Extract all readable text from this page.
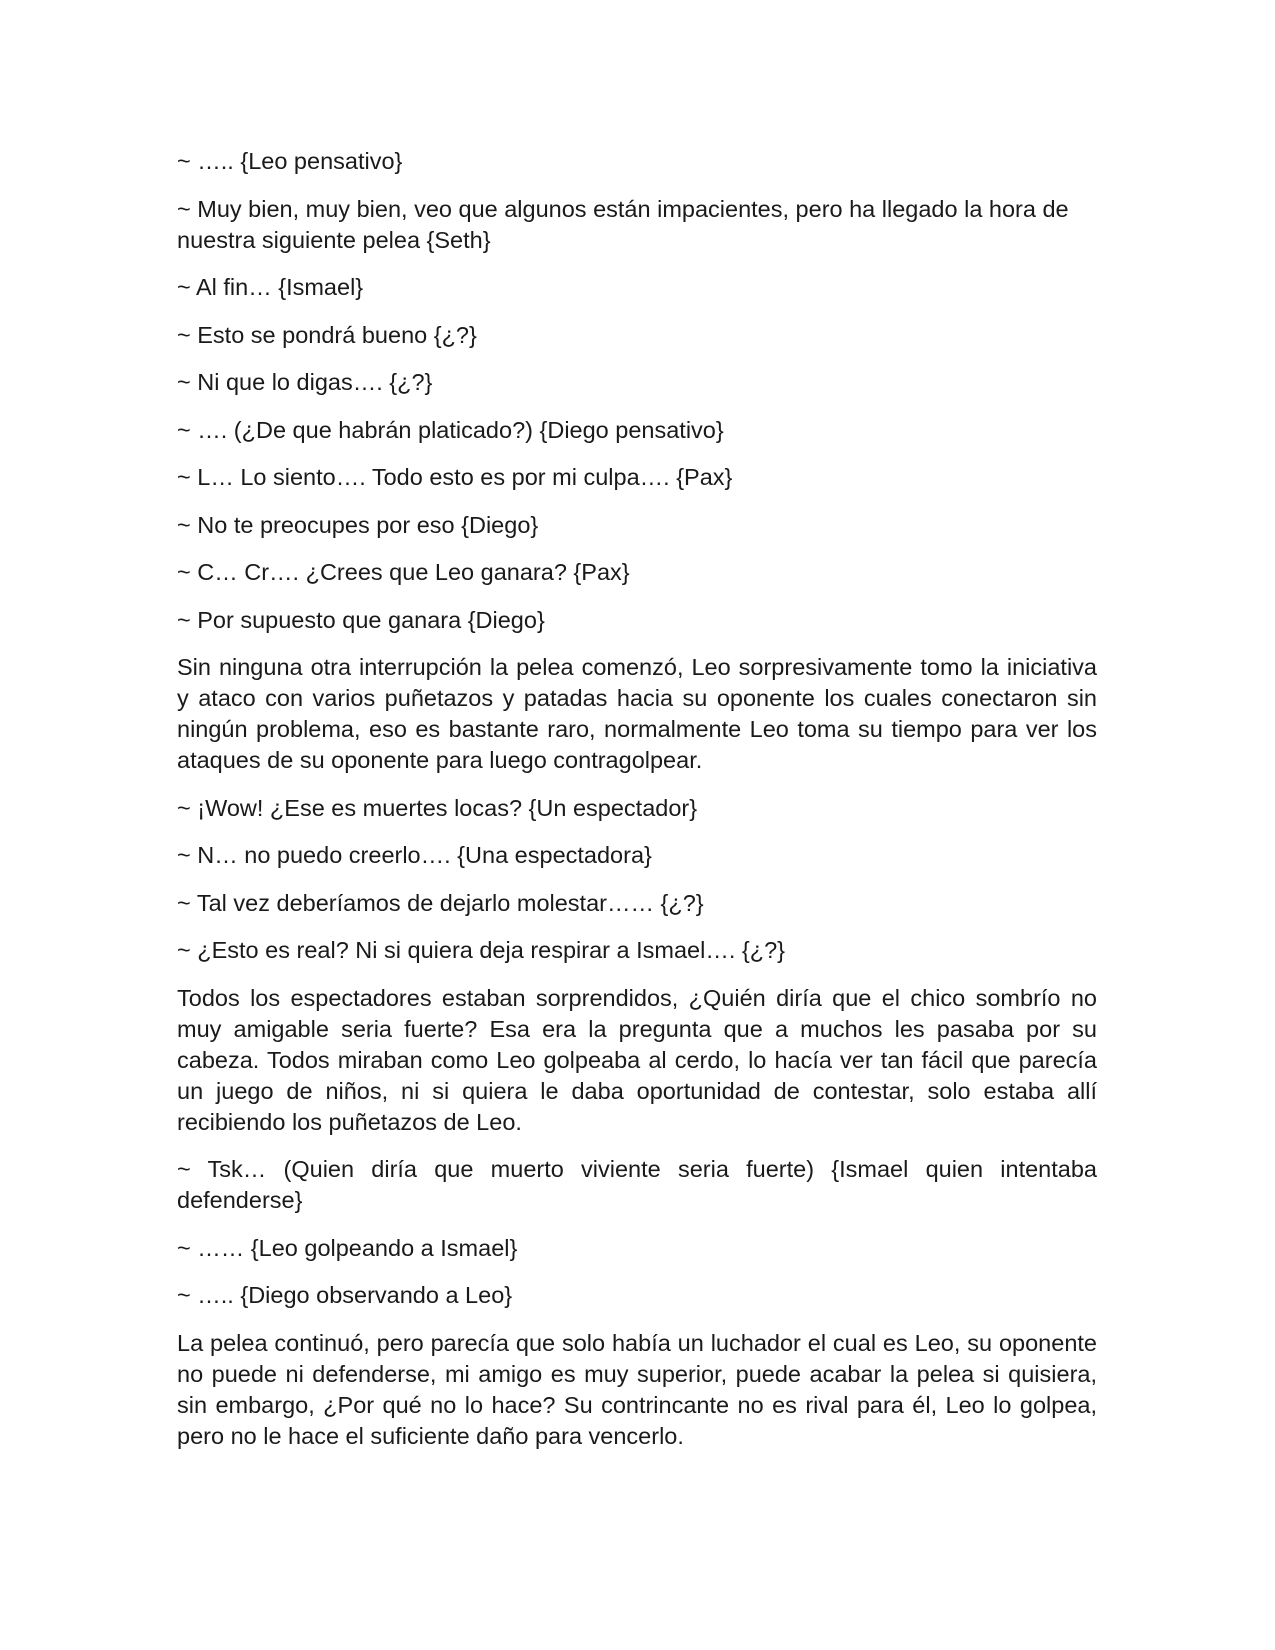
~ ….. {Leo pensativo}

~ Muy bien, muy bien, veo que algunos están impacientes, pero ha llegado la hora de nuestra siguiente pelea {Seth}

~ Al fin… {Ismael}

~ Esto se pondrá bueno {¿?}

~ Ni que lo digas…. {¿?}

~ …. (¿De que habrán platicado?) {Diego pensativo}

~ L… Lo siento…. Todo esto es por mi culpa…. {Pax}

~ No te preocupes por eso {Diego}

~ C… Cr…. ¿Crees que Leo ganara? {Pax}

~ Por supuesto que ganara {Diego}

Sin ninguna otra interrupción la pelea comenzó, Leo sorpresivamente tomo la iniciativa y ataco con varios puñetazos y patadas hacia su oponente los cuales conectaron sin ningún problema, eso es bastante raro, normalmente Leo toma su tiempo para ver los ataques de su oponente para luego contragolpear.

~ ¡Wow! ¿Ese es muertes locas? {Un espectador}

~ N… no puedo creerlo…. {Una espectadora}

~ Tal vez deberíamos de dejarlo molestar…… {¿?}

~ ¿Esto es real? Ni si quiera deja respirar a Ismael…. {¿?}

Todos los espectadores estaban sorprendidos, ¿Quién diría que el chico sombrío no muy amigable seria fuerte? Esa era la pregunta que a muchos les pasaba por su cabeza. Todos miraban como Leo golpeaba al cerdo, lo hacía ver tan fácil que parecía un juego de niños, ni si quiera le daba oportunidad de contestar, solo estaba allí recibiendo los puñetazos de Leo.

~ Tsk… (Quien diría que muerto viviente seria fuerte) {Ismael quien intentaba defenderse}

~ …… {Leo golpeando a Ismael}

~ ….. {Diego observando a Leo}

La pelea continuó, pero parecía que solo había un luchador el cual es Leo, su oponente no puede ni defenderse, mi amigo es muy superior, puede acabar la pelea si quisiera, sin embargo, ¿Por qué no lo hace? Su contrincante no es rival para él, Leo lo golpea, pero no le hace el suficiente daño para vencerlo.
